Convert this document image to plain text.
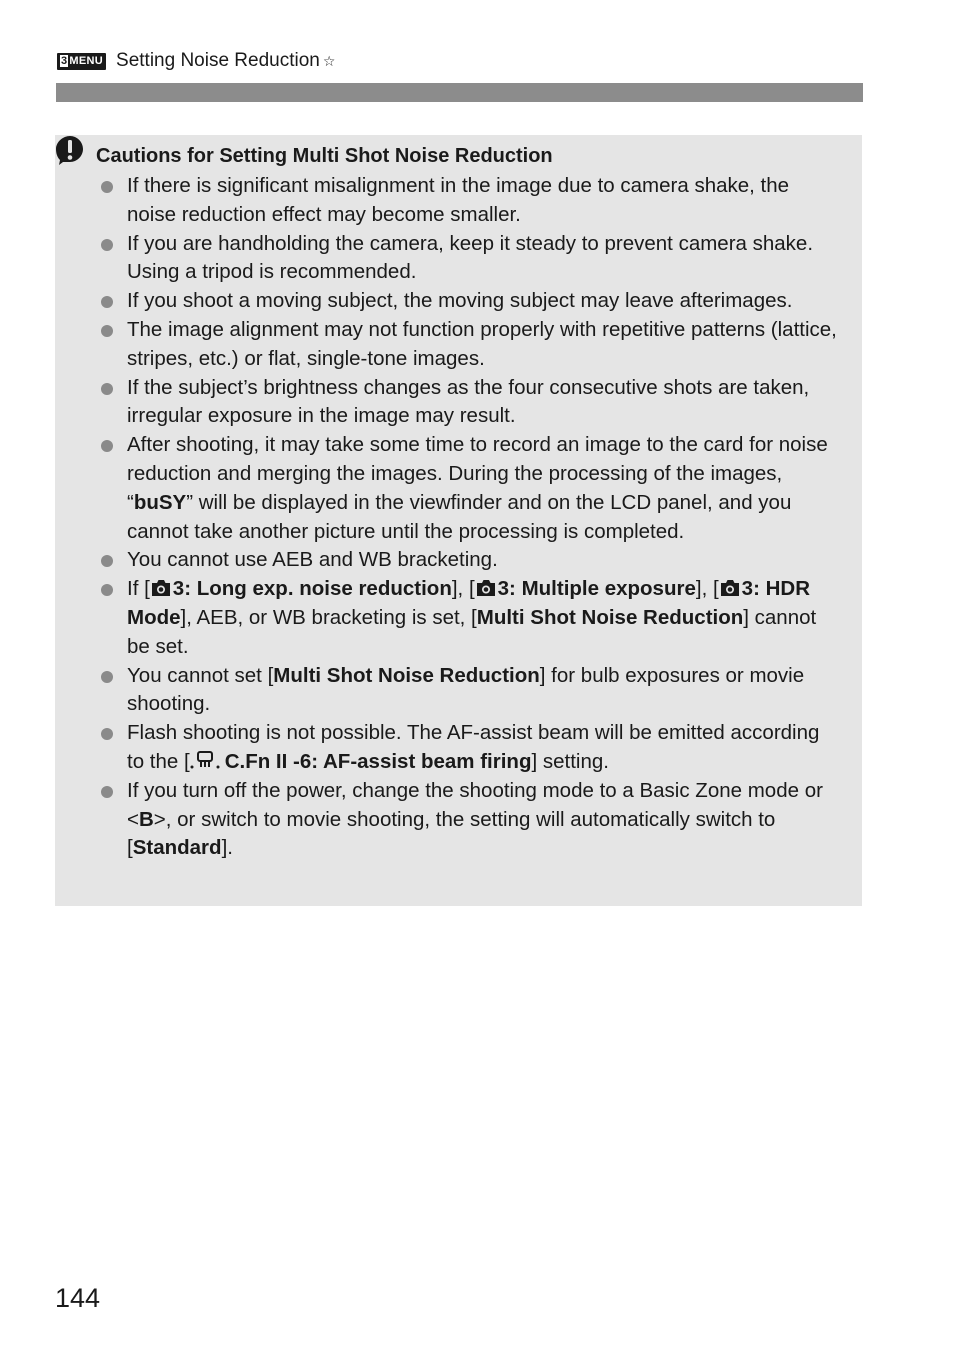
3 MENU Setting Noise Reduction ☆
Cautions for Setting Multi Shot Noise Reduction
If there is significant misalignment in the image due to camera shake, the noise reduction effect may become smaller.
If you are handholding the camera, keep it steady to prevent camera shake. Using a tripod is recommended.
If you shoot a moving subject, the moving subject may leave afterimages.
The image alignment may not function properly with repetitive patterns (lattice, stripes, etc.) or flat, single-tone images.
If the subject’s brightness changes as the four consecutive shots are taken, irregular exposure in the image may result.
After shooting, it may take some time to record an image to the card for noise reduction and merging the images. During the processing of the images, “buSY” will be displayed in the viewfinder and on the LCD panel, and you cannot take another picture until the processing is completed.
You cannot use AEB and WB bracketing.
If [ 3: Long exp. noise reduction], [ 3: Multiple exposure], [ 3: HDR Mode], AEB, or WB bracketing is set, [Multi Shot Noise Reduction] cannot be set.
You cannot set [Multi Shot Noise Reduction] for bulb exposures or movie shooting.
Flash shooting is not possible. The AF-assist beam will be emitted according to the [ C.Fn II -6: AF-assist beam firing] setting.
If you turn off the power, change the shooting mode to a Basic Zone mode or <B>, or switch to movie shooting, the setting will automatically switch to [Standard].
144
